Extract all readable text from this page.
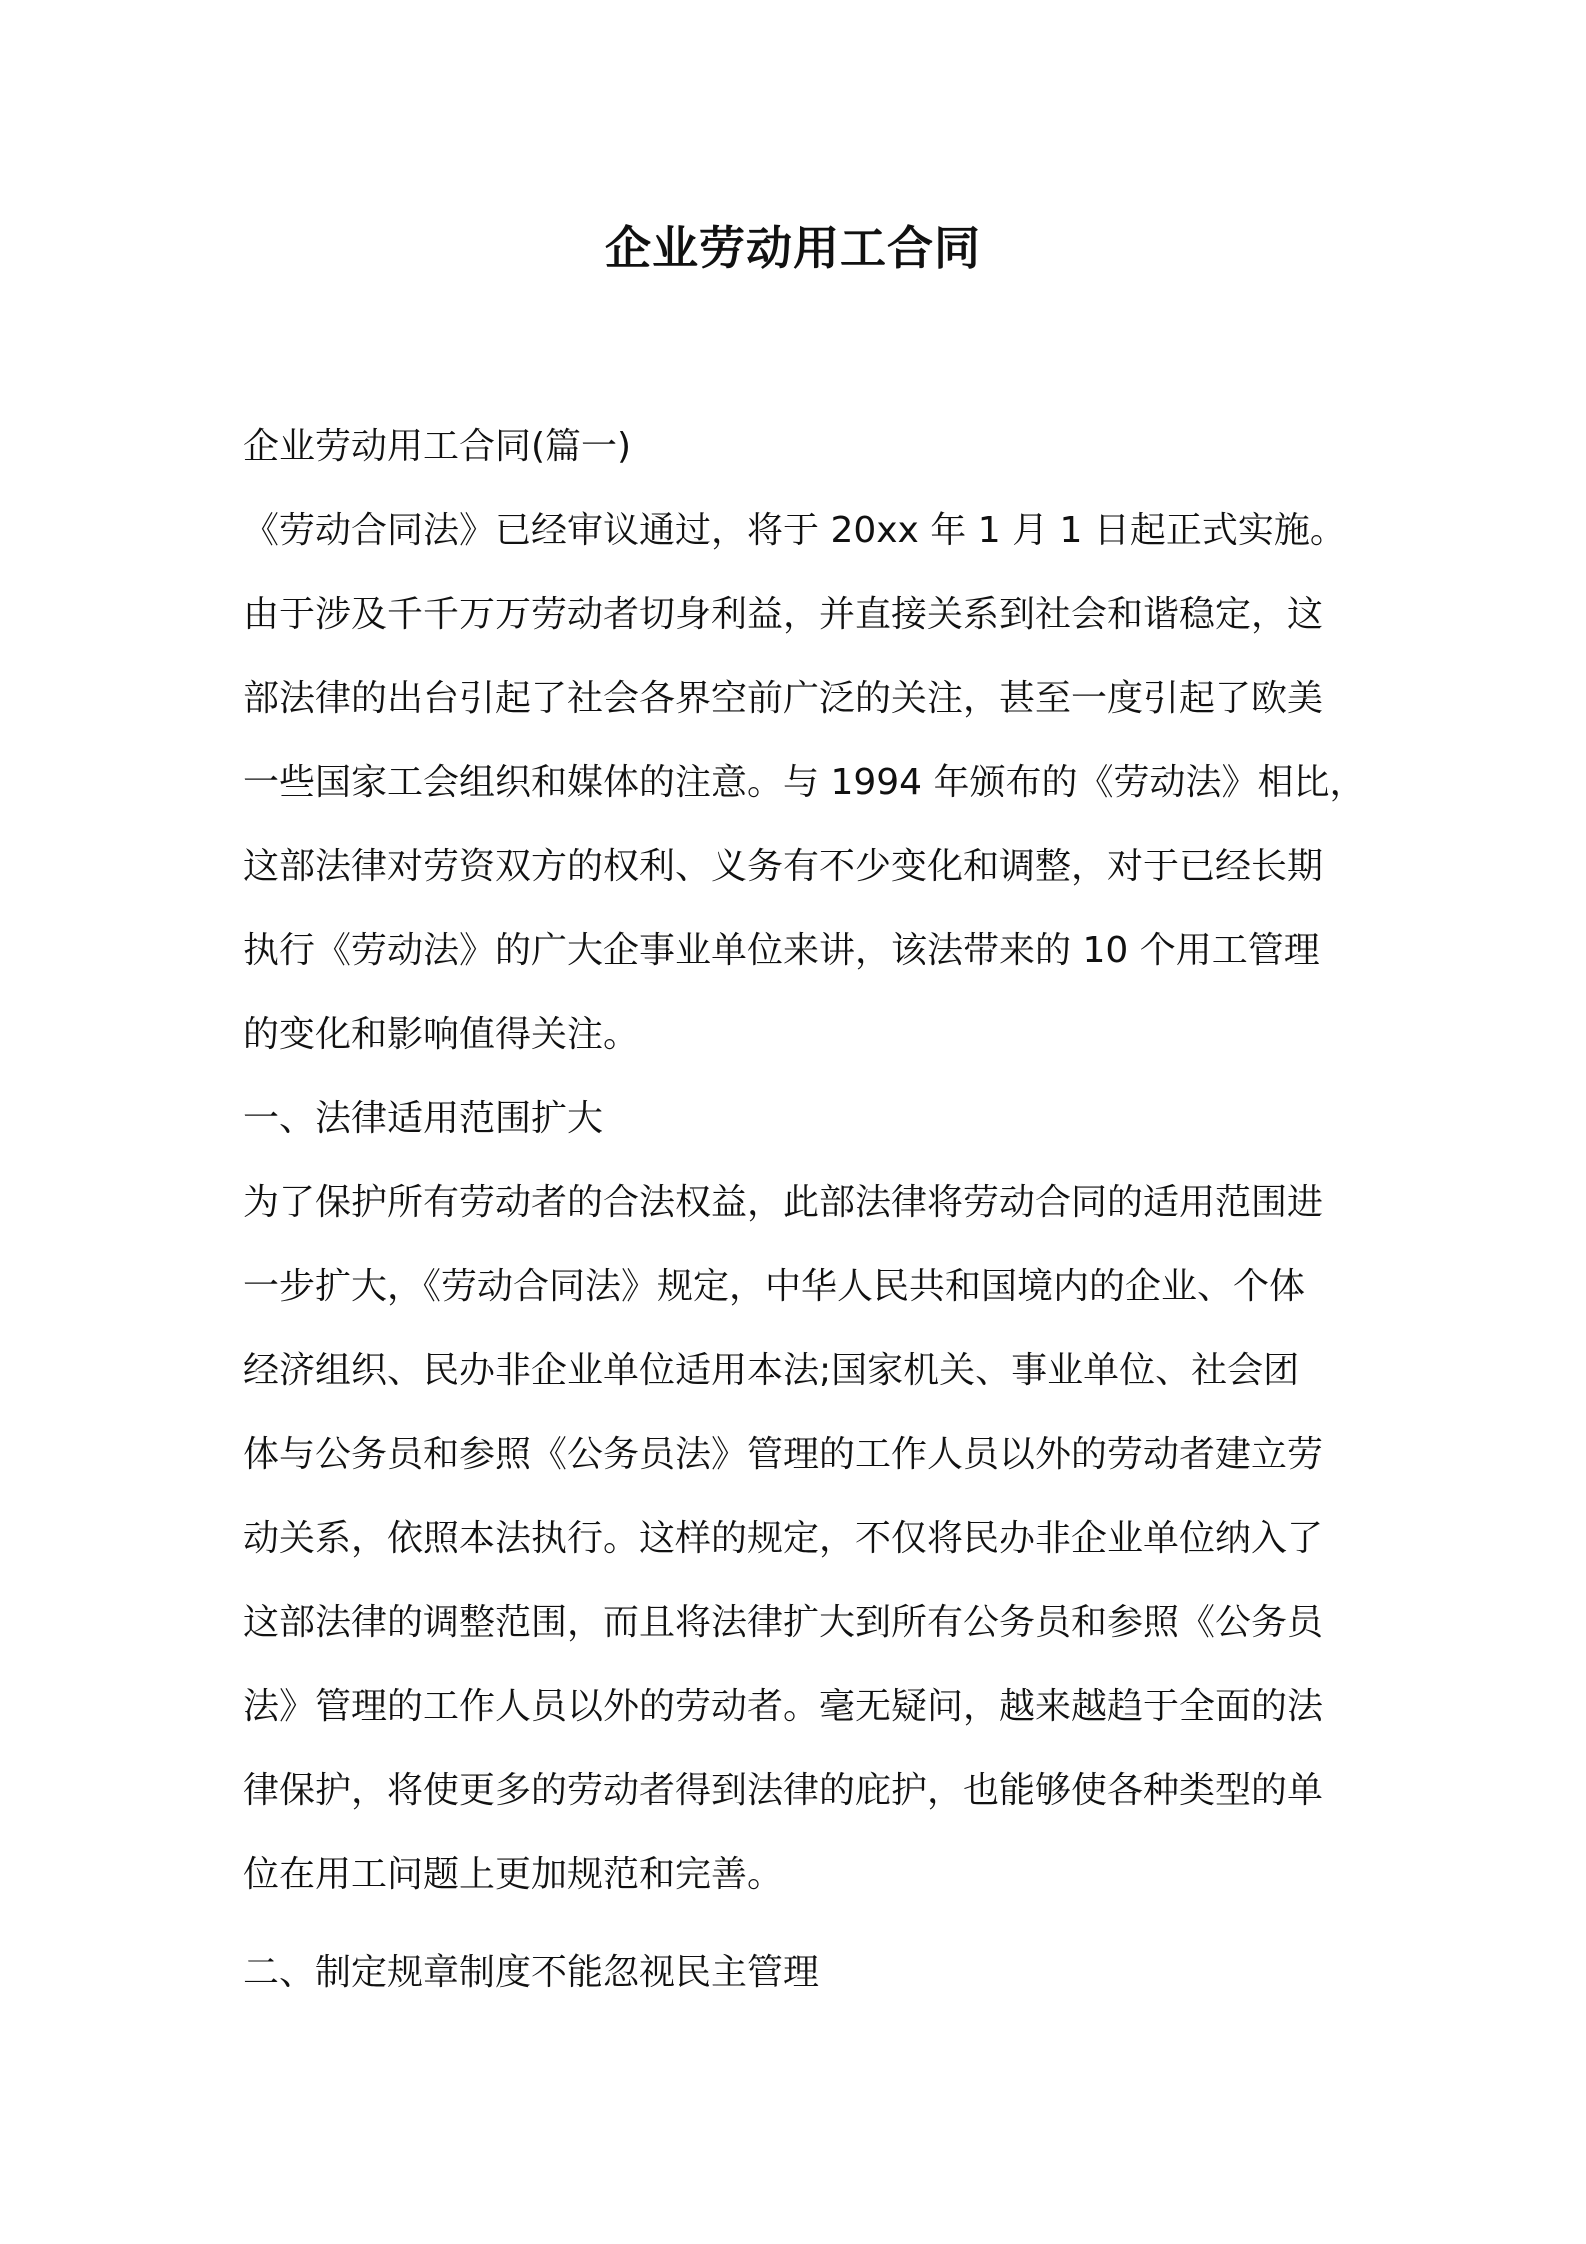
企业劳动用工合同

企业劳动用工合同(篇一)

《劳动合同法》已经审议通过，将于 20xx 年 1 月 1 日起正式实施。

由于涉及千千万万劳动者切身利益，并直接关系到社会和谐稳定，这

部法律的出台引起了社会各界空前广泛的关注，甚至一度引起了欧美

一些国家工会组织和媒体的注意。与 1994 年颁布的《劳动法》相比，

这部法律对劳资双方的权利、义务有不少变化和调整，对于已经长期

执行《劳动法》的广大企事业单位来讲，该法带来的 10 个用工管理

的变化和影响值得关注。

一、法律适用范围扩大

为了保护所有劳动者的合法权益，此部法律将劳动合同的适用范围进

一步扩大，《劳动合同法》规定，中华人民共和国境内的企业、个体

经济组织、民办非企业单位适用本法;国家机关、事业单位、社会团

体与公务员和参照《公务员法》管理的工作人员以外的劳动者建立劳

动关系，依照本法执行。这样的规定，不仅将民办非企业单位纳入了

这部法律的调整范围，而且将法律扩大到所有公务员和参照《公务员

法》管理的工作人员以外的劳动者。毫无疑问，越来越趋于全面的法

律保护，将使更多的劳动者得到法律的庇护，也能够使各种类型的单

位在用工问题上更加规范和完善。

二、制定规章制度不能忽视民主管理
